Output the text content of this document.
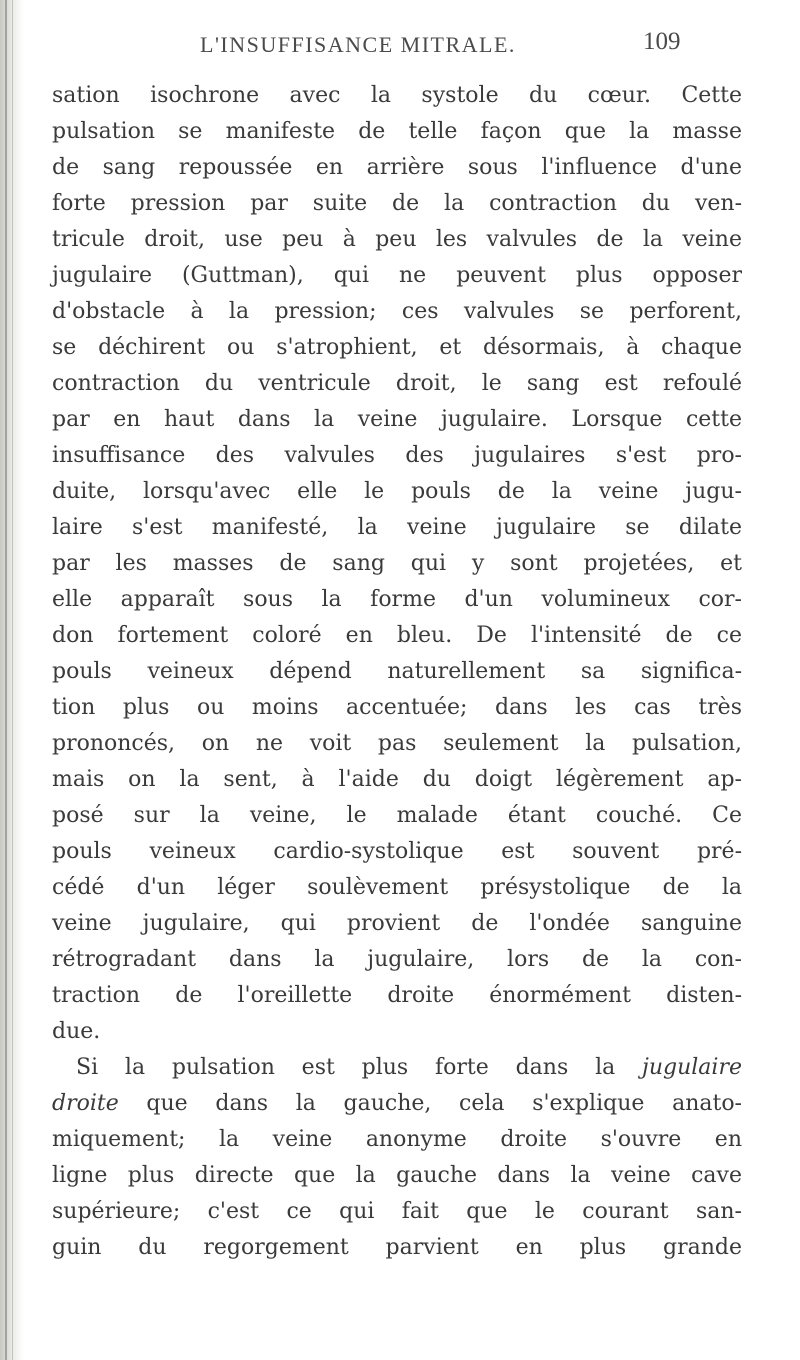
L'INSUFFISANCE MITRALE.	109
sation isochrone avec la systole du cœur. Cette
pulsation se manifeste de telle façon que la masse
de sang repoussée en arrière sous l'influence d'une
forte pression par suite de la contraction du ven-
tricule droit, use peu à peu les valvules de la veine
jugulaire (Guttman), qui ne peuvent plus opposer
d'obstacle à la pression; ces valvules se perforent,
se déchirent ou s'atrophient, et désormais, à chaque
contraction du ventricule droit, le sang est refoulé
par en haut dans la veine jugulaire. Lorsque cette
insuffisance des valvules des jugulaires s'est pro-
duite, lorsqu'avec elle le pouls de la veine jugu-
laire s'est manifesté, la veine jugulaire se dilate
par les masses de sang qui y sont projetées, et
elle apparaît sous la forme d'un volumineux cor-
don fortement coloré en bleu. De l'intensité de ce
pouls veineux dépend naturellement sa significa-
tion plus ou moins accentuée; dans les cas très
prononcés, on ne voit pas seulement la pulsation,
mais on la sent, à l'aide du doigt légèrement ap-
posé sur la veine, le malade étant couché. Ce
pouls veineux cardio-systolique est souvent pré-
cédé d'un léger soulèvement présystolique de la
veine jugulaire, qui provient de l'ondée sanguine
rétrogradant dans la jugulaire, lors de la con-
traction de l'oreillette droite énormément disten-
due.
Si la pulsation est plus forte dans la jugulaire
droite que dans la gauche, cela s'explique anato-
miquement; la veine anonyme droite s'ouvre en
ligne plus directe que la gauche dans la veine cave
supérieure; c'est ce qui fait que le courant san-
guin du regorgement parvient en plus grande
